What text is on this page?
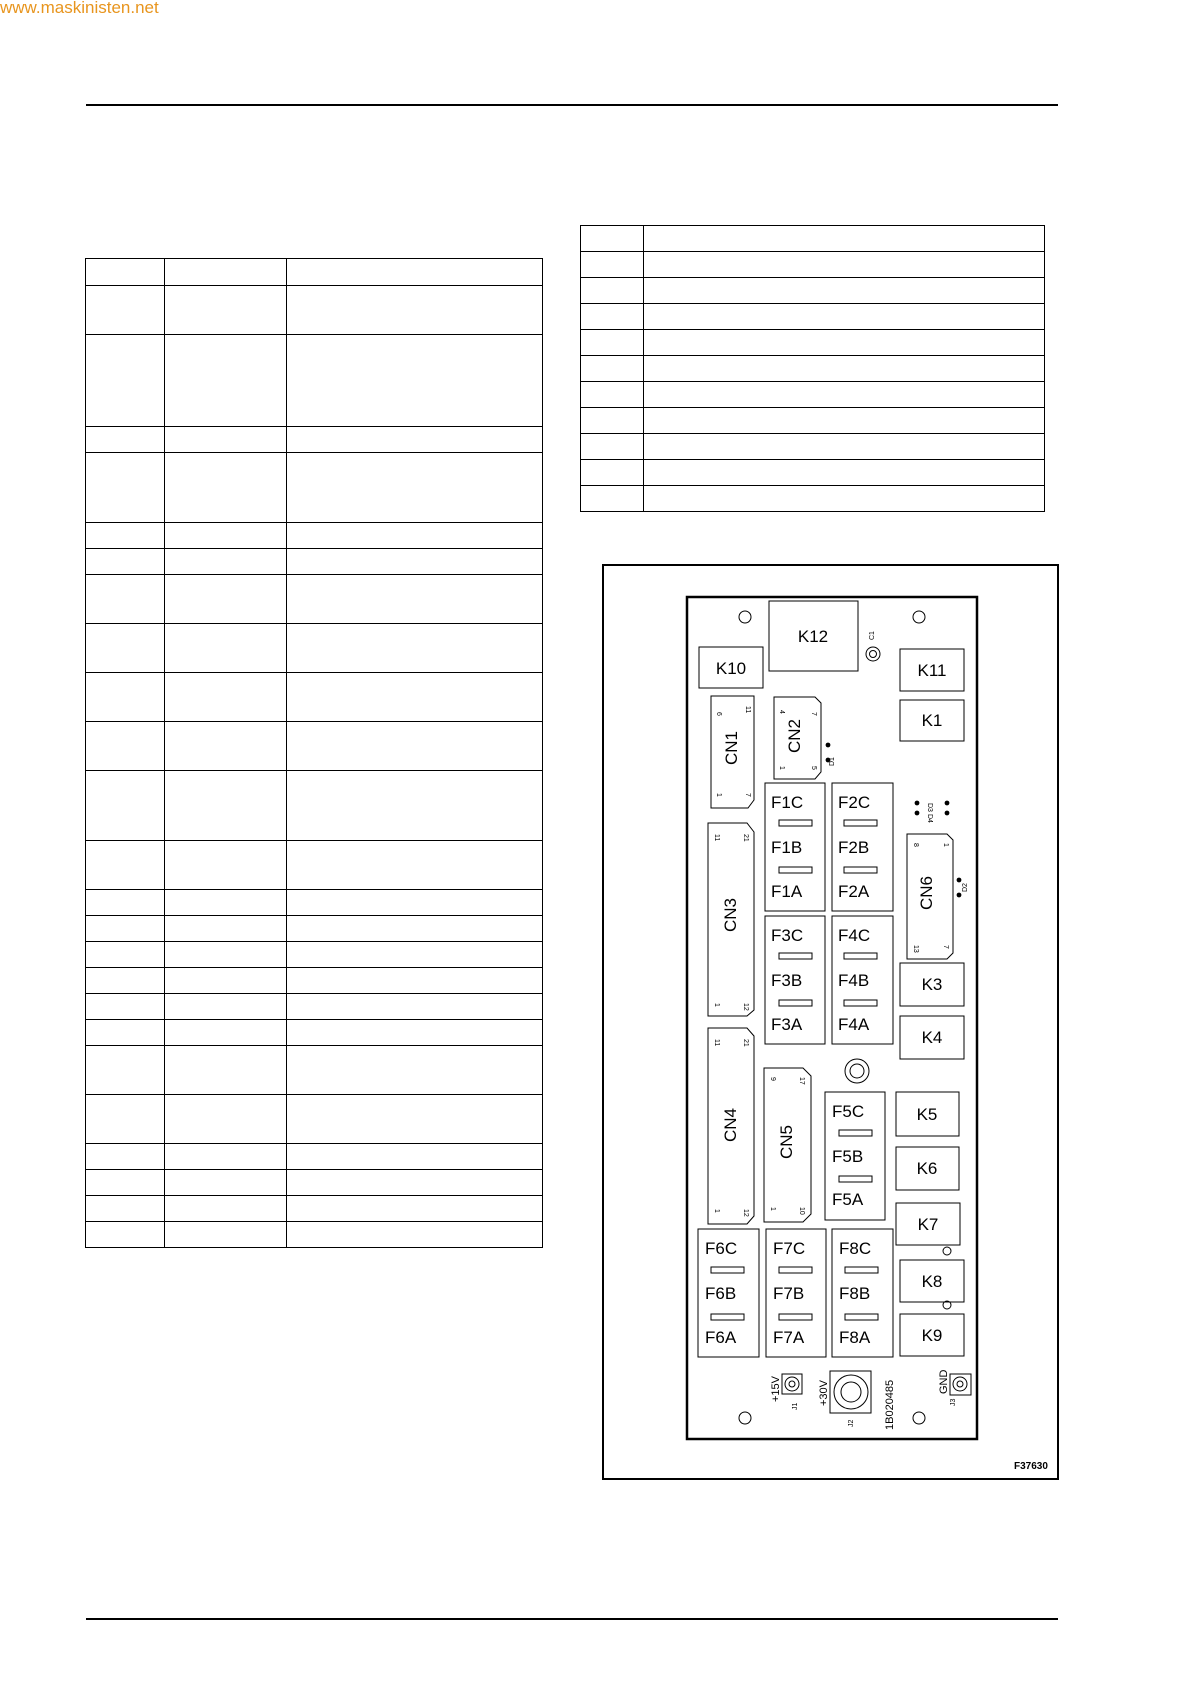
www.maskinisten.net

K12
K10	K11
K1
K3
K4
K5
K6
K7
K8
K9
F1C
F1B
F1A
F2C
F2B
F2A
F3C
F3B
F3A
F4C
F4B
F4A
F5C
F5B
F5A
F6C
F6B
F6A
F7C
F7B
F7A
F8C
F8B
F8A
CN1	CN2
CN3
CN4 CN5
CN6
C1
D1
D3
D4
D2
J1
J2
J3
6
11
1	7
4
7
1	5
11	21
1	12
11	21
1	12
9	17
1	10
8	1
13	7
+15V	+30V	GND
1B020485
F37630
